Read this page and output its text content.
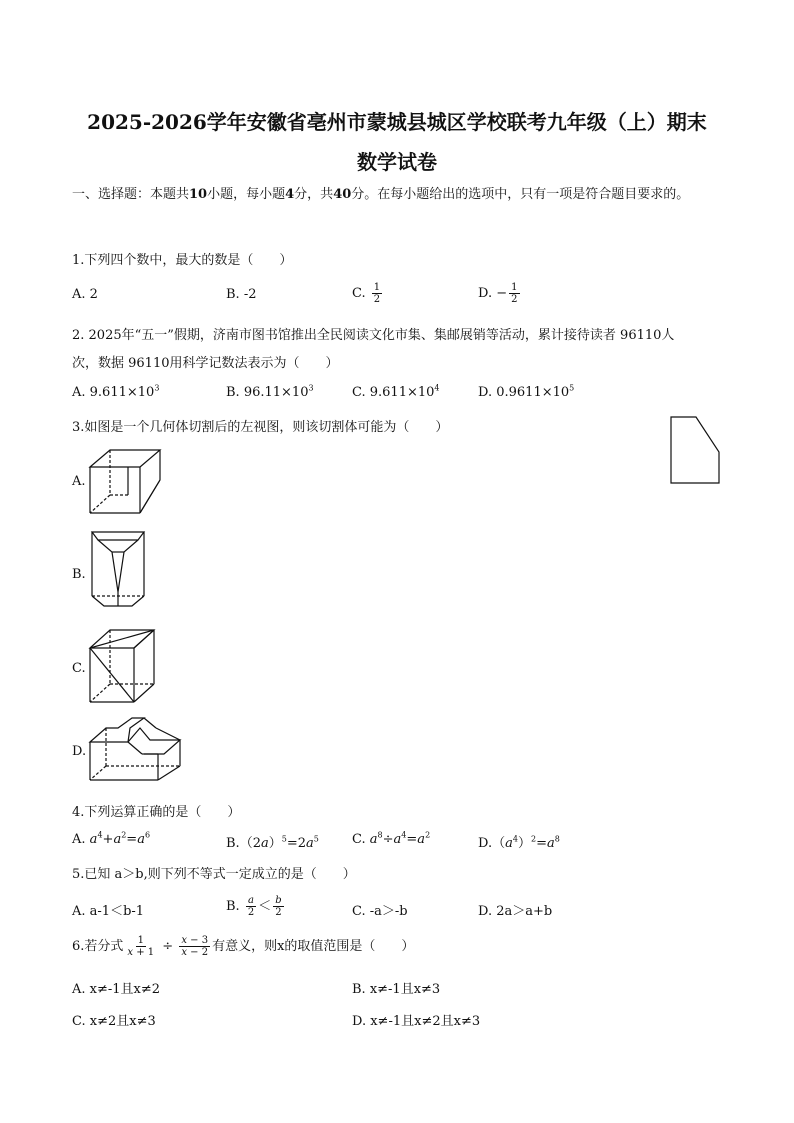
2025-2026学年安徽省亳州市蒙城县城区学校联考九年级（上）期末
数学试卷
一、选择题：本题共10小题，每小题4分，共40分。在每小题给出的选项中，只有一项是符合题目要求的。
1.下列四个数中，最大的数是（　　）
A. 2	B. -2	C. $\frac{1}{2}$	D. − $\frac{1}{2}$
2. 2025年“五一”假期，济南市图书馆推出全民阅读文化市集、集邮展销等活动，累计接待读者 96110人
次，数据 96110用科学记数法表示为（　　）
A. $9.611\times 10^3$	B. $96.11\times 10^3$	C. $9.611\times 10^4$	D. $0.9611\times 10^5$
3.如图是一个几何体切割后的左视图，则该切割体可能为（　　）
A.
B.
C.
D.
4.下列运算正确的是（　　）
A. $a^4+a^2=a^6$
$B.(2a)^5=2a^5$	C. $a^8\div a^4=a^2$
$D.(a^4)^2=a^8$
5.已知 a＞b,则下列不等式一定成立的是（　　）
A. a-1＜b-1	B. $\frac{a}{2} < \frac{b}{2}$	C. -a＞-b	D. 2a＞a+b
6.若分式 $\frac{1}{x + 1} \div \frac{x - 3}{x - 2}$ 有意义，则x的取值范围是（　　）
A. x≠-1且x≠2	B. x≠-1且x≠3
C. x≠2且x≠3	D. x≠-1且x≠2且x≠3
